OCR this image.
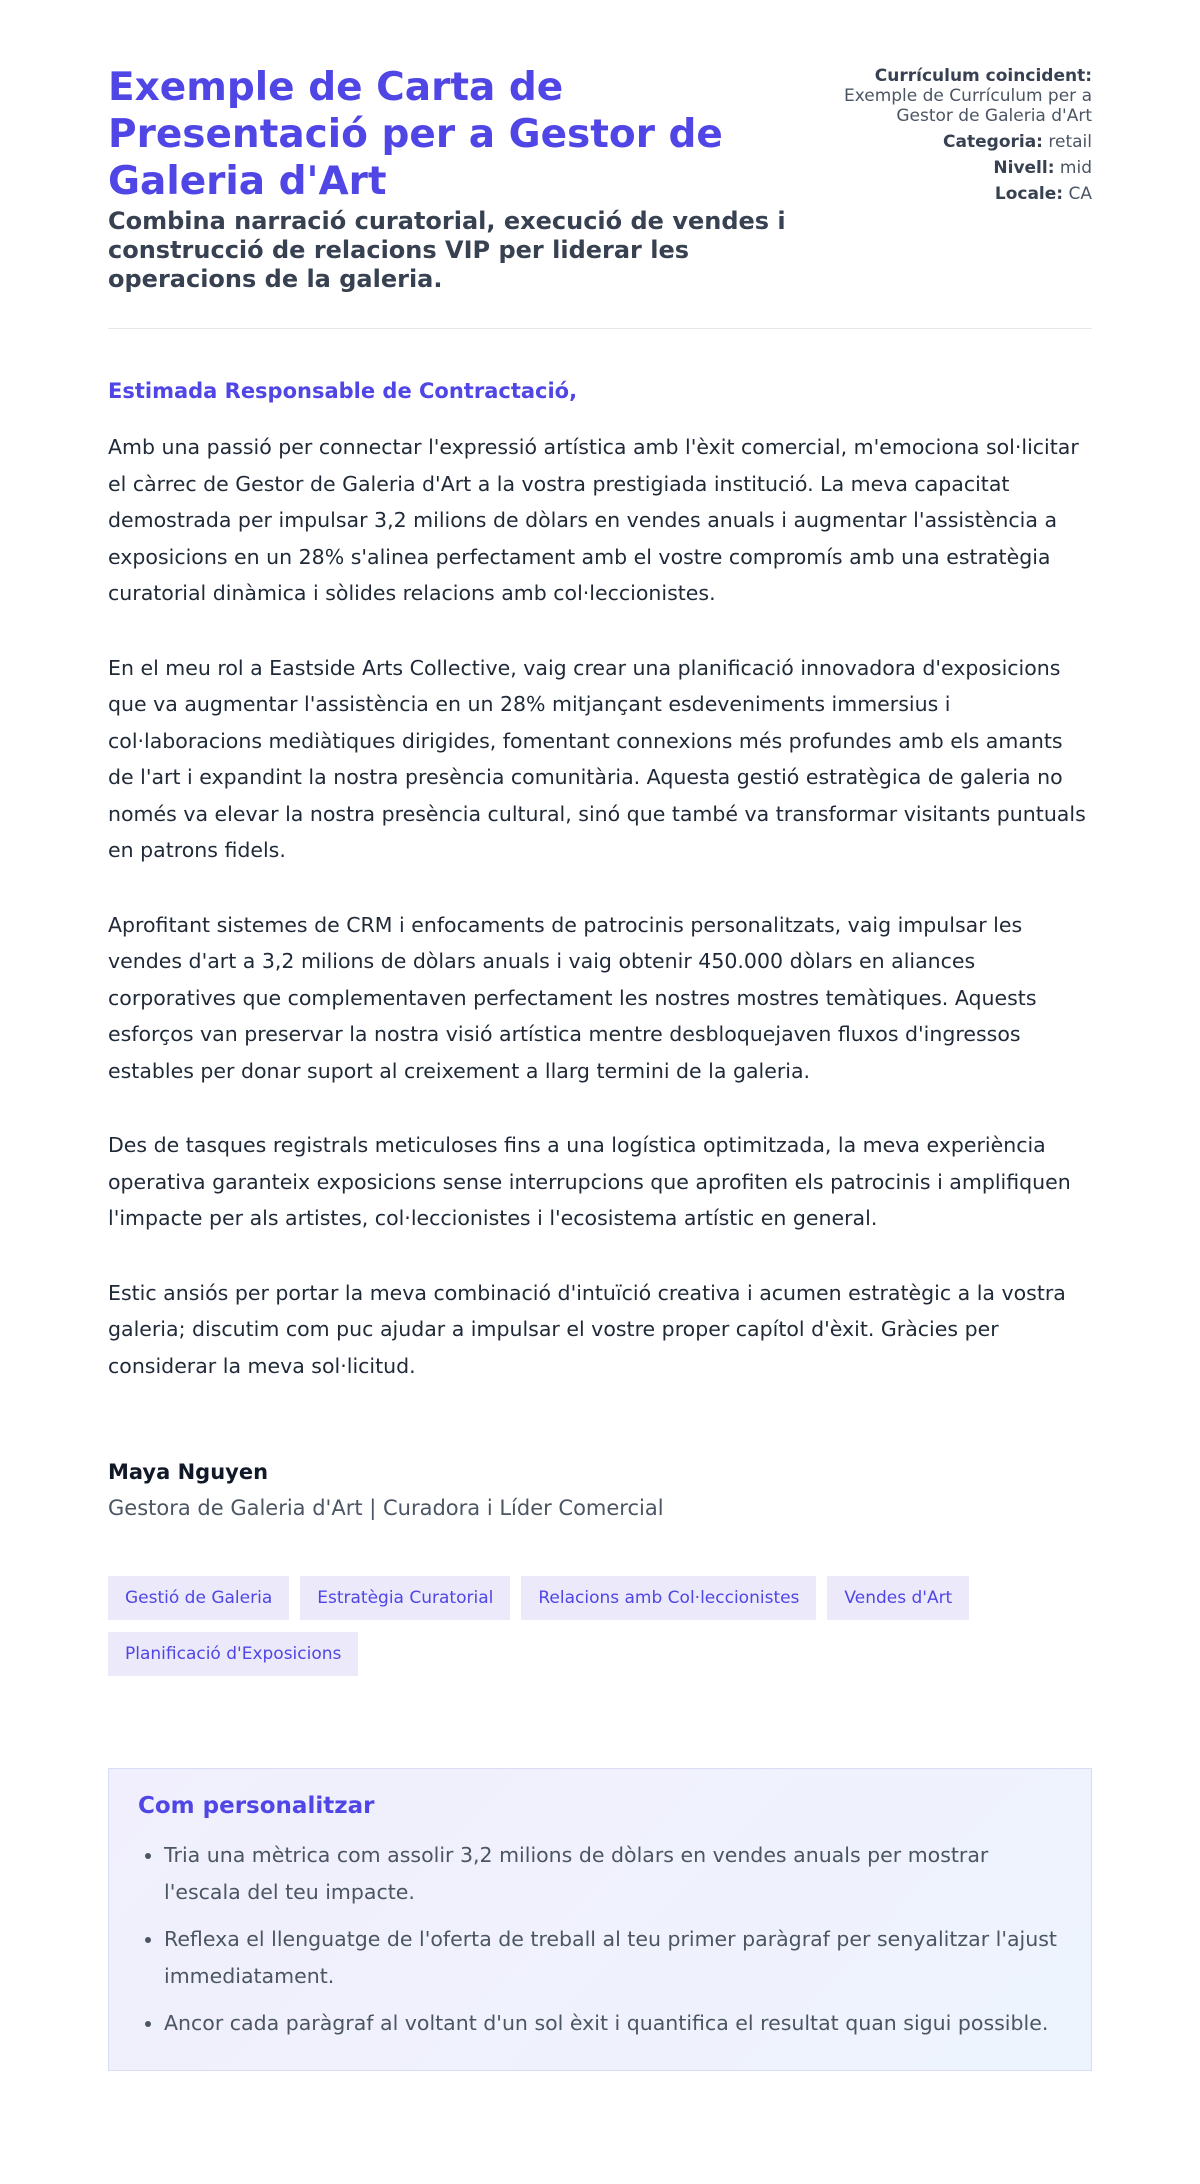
Exemple de Carta de Presentació per a Gestor de Galeria d'Art
Combina narració curatorial, execució de vendes i construcció de relacions VIP per liderar les operacions de la galeria.
Currículum coincident:
Exemple de Currículum per a Gestor de Galeria d'Art
Categoria: retail
Nivell: mid
Locale: CA
Estimada Responsable de Contractació,

Amb una passió per connectar l'expressió artística amb l'èxit comercial, m'emociona sol·licitar el càrrec de Gestor de Galeria d'Art a la vostra prestigiada institució. La meva capacitat demostrada per impulsar 3,2 milions de dòlars en vendes anuals i augmentar l'assistència a exposicions en un 28% s'alinea perfectament amb el vostre compromís amb una estratègia curatorial dinàmica i sòlides relacions amb col·leccionistes.

En el meu rol a Eastside Arts Collective, vaig crear una planificació innovadora d'exposicions que va augmentar l'assistència en un 28% mitjançant esdeveniments immersius i col·laboracions mediàtiques dirigides, fomentant connexions més profundes amb els amants de l'art i expandint la nostra presència comunitària. Aquesta gestió estratègica de galeria no només va elevar la nostra presència cultural, sinó que també va transformar visitants puntuals en patrons fidels.

Aprofitant sistemes de CRM i enfocaments de patrocinis personalitzats, vaig impulsar les vendes d'art a 3,2 milions de dòlars anuals i vaig obtenir 450.000 dòlars en aliances corporatives que complementaven perfectament les nostres mostres temàtiques. Aquests esforços van preservar la nostra visió artística mentre desbloquejaven fluxos d'ingressos estables per donar suport al creixement a llarg termini de la galeria.

Des de tasques registrals meticuloses fins a una logística optimitzada, la meva experiència operativa garanteix exposicions sense interrupcions que aprofiten els patrocinis i amplifiquen l'impacte per als artistes, col·leccionistes i l'ecosistema artístic en general.

Estic ansiós per portar la meva combinació d'intuïció creativa i acumen estratègic a la vostra galeria; discutim com puc ajudar a impulsar el vostre proper capítol d'èxit. Gràcies per considerar la meva sol·licitud.

Maya Nguyen
Gestora de Galeria d'Art | Curadora i Líder Comercial
Gestió de Galeria	Estratègia Curatorial	Relacions amb Col·leccionistes	Vendes d'Art
Planificació d'Exposicions
Com personalitzar
• Tria una mètrica com assolir 3,2 milions de dòlars en vendes anuals per mostrar l'escala del teu impacte.
• Reflexa el llenguatge de l'oferta de treball al teu primer paràgraf per senyalitzar l'ajust immediatament.
• Ancor cada paràgraf al voltant d'un sol èxit i quantifica el resultat quan sigui possible.
